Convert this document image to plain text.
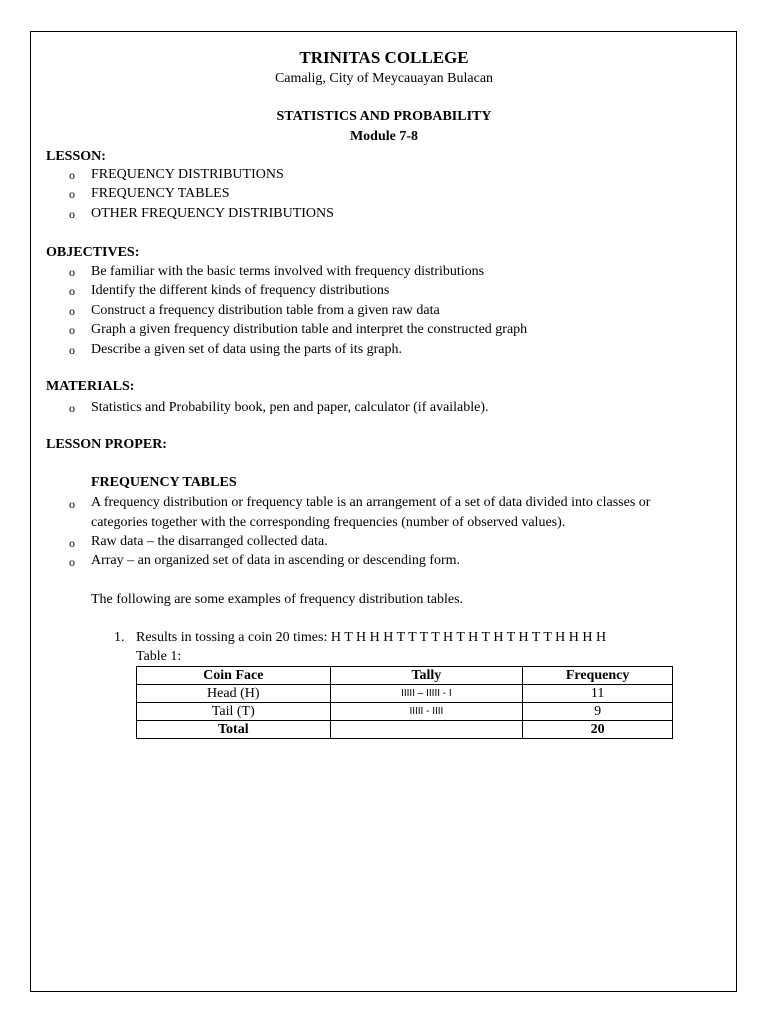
TRINITAS COLLEGE
Camalig, City of Meycauayan Bulacan
STATISTICS AND PROBABILITY
Module 7-8
LESSON:
o FREQUENCY DISTRIBUTIONS
o FREQUENCY TABLES
o OTHER FREQUENCY DISTRIBUTIONS
OBJECTIVES:
o Be familiar with the basic terms involved with frequency distributions
o Identify the different kinds of frequency distributions
o Construct a frequency distribution table from a given raw data
o Graph a given frequency distribution table and interpret the constructed graph
o Describe a given set of data using the parts of its graph.
MATERIALS:
o Statistics and Probability book, pen and paper, calculator (if available).
LESSON PROPER:
FREQUENCY TABLES
o A frequency distribution or frequency table is an arrangement of a set of data divided into classes or
categories together with the corresponding frequencies (number of observed values).
o Raw data – the disarranged collected data.
o Array – an organized set of data in ascending or descending form.
The following are some examples of frequency distribution tables.
1. Results in tossing a coin 20 times: H T H H H T T T T H T H T H T H T T H H H H
Table 1:
Coin Face	Tally	Frequency
Head (H)	IIIII – IIIII - I	11
Tail (T)	IIIII - IIII	9
Total		20
